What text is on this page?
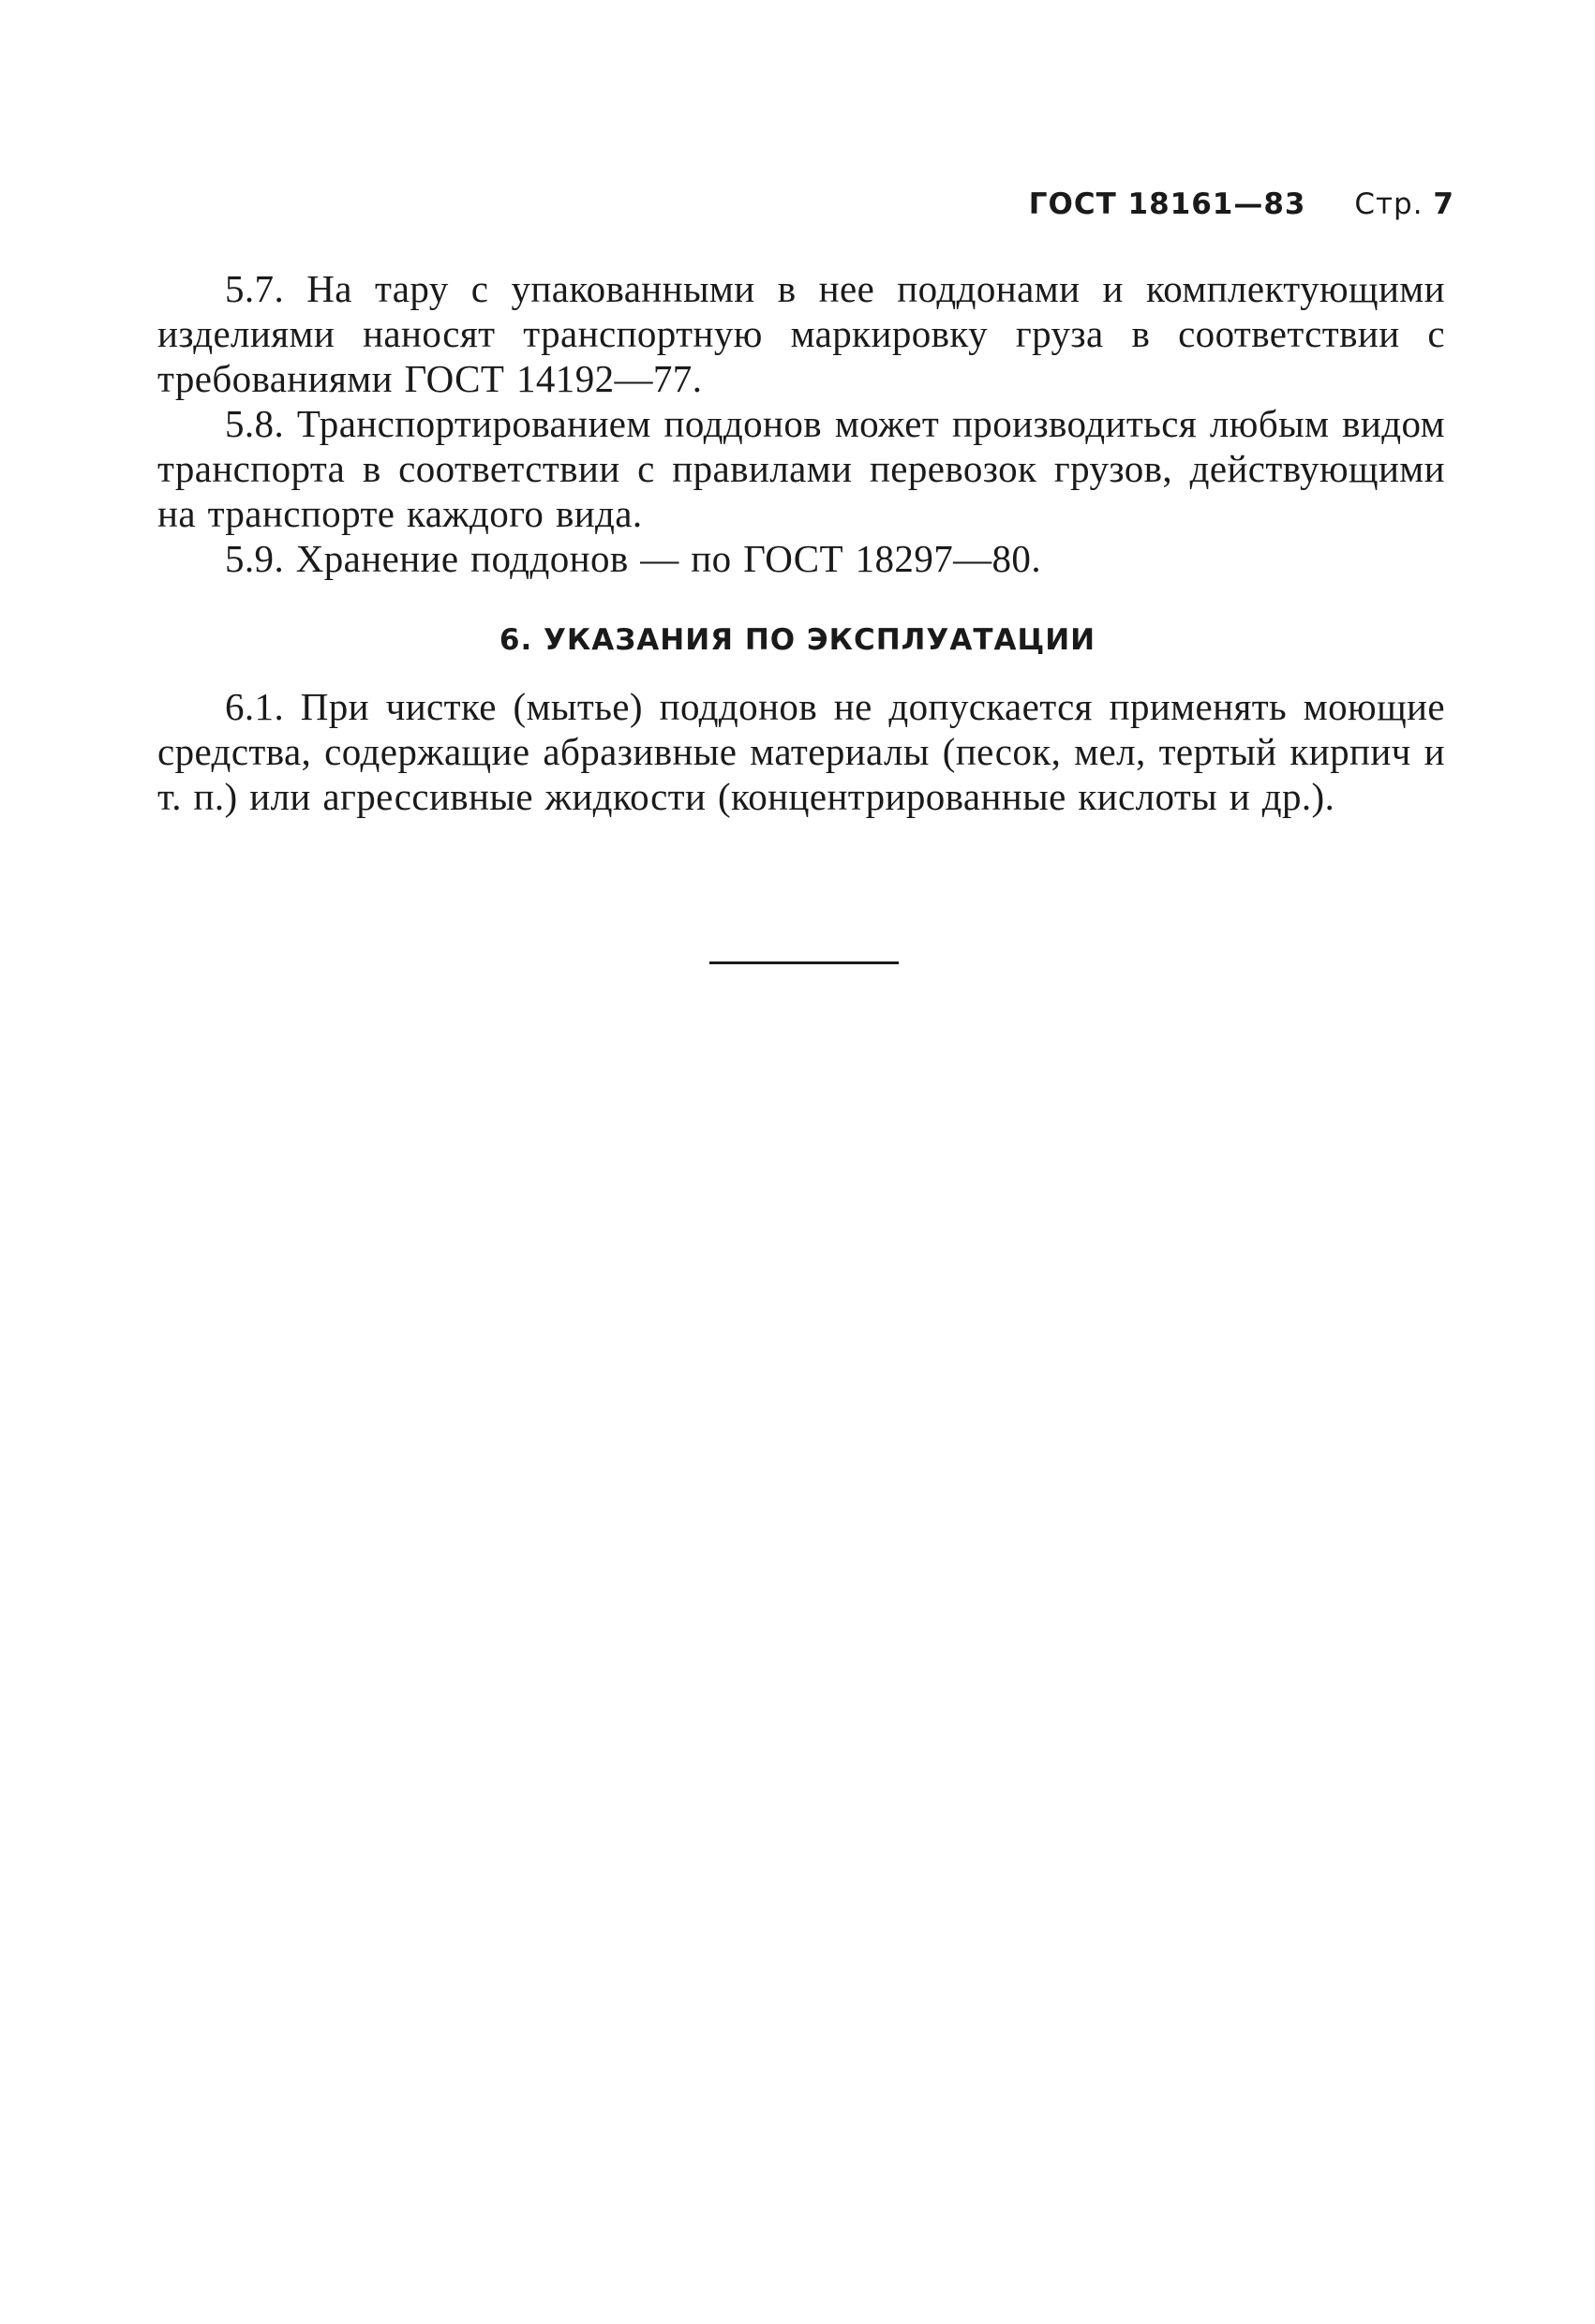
ГОСТ 18161—83 Стр. 7

5.7. На тару с упакованными в нее поддонами и комплектующими изделиями наносят транспортную маркировку груза в соответствии с требованиями ГОСТ 14192—77.

5.8. Транспортированием поддонов может производиться любым видом транспорта в соответствии с правилами перевозок грузов, действующими на транспорте каждого вида.

5.9. Хранение поддонов — по ГОСТ 18297—80.

6. УКАЗАНИЯ ПО ЭКСПЛУАТАЦИИ

6.1. При чистке (мытье) поддонов не допускается применять моющие средства, содержащие абразивные материалы (песок, мел, тертый кирпич и т. п.) или агрессивные жидкости (концентрированные кислоты и др.).
